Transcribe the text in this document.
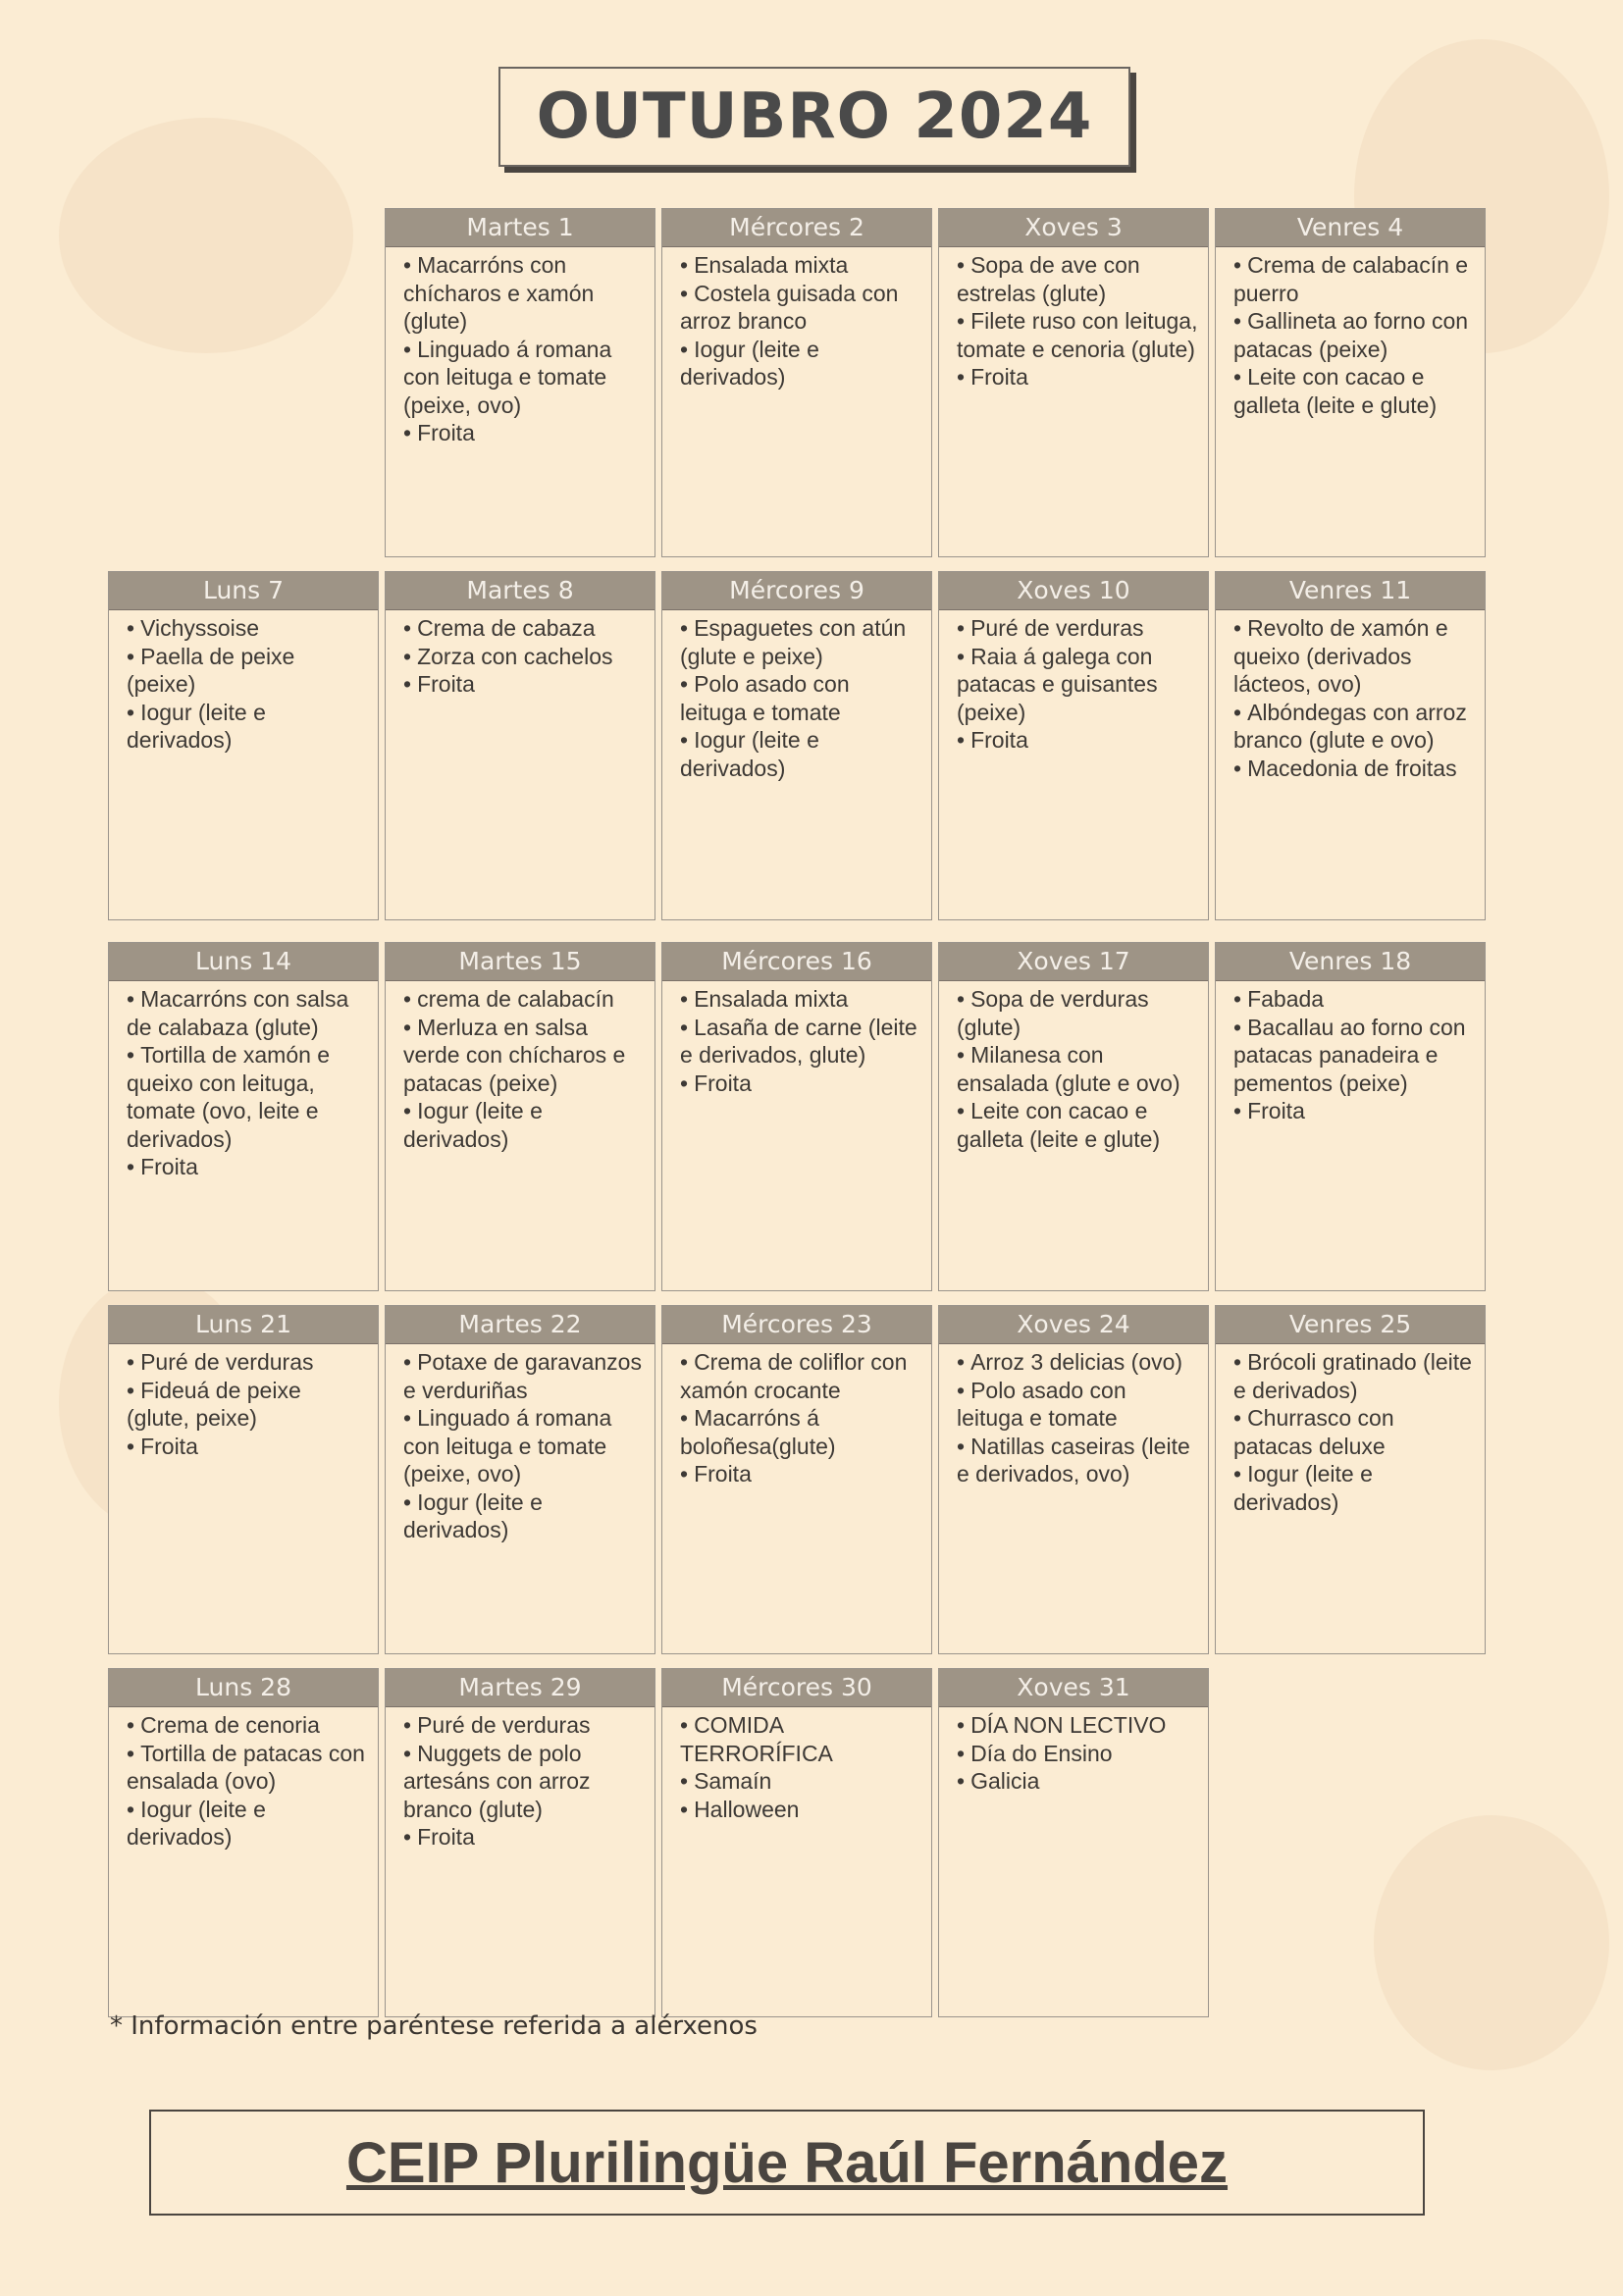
OUTUBRO 2024
Martes 1
• Macarróns con chícharos e xamón (glute)
• Linguado á romana con leituga e tomate (peixe, ovo)
• Froita
Mércores 2
• Ensalada mixta
• Costela guisada con arroz branco
• Iogur (leite e derivados)
Xoves 3
• Sopa de ave con estrelas (glute)
• Filete ruso con leituga, tomate e cenoria (glute)
• Froita
Venres 4
• Crema de calabacín e puerro
• Gallineta ao forno con patacas (peixe)
• Leite con cacao e galleta (leite e glute)
Luns 7
• Vichyssoise
• Paella de peixe (peixe)
• Iogur (leite e derivados)
Martes 8
• Crema de cabaza
• Zorza con cachelos
• Froita
Mércores 9
• Espaguetes con atún (glute e peixe)
• Polo asado con leituga e tomate
• Iogur (leite e derivados)
Xoves 10
• Puré de verduras
• Raia á galega con patacas e guisantes (peixe)
• Froita
Venres 11
• Revolto de xamón e queixo (derivados lácteos, ovo)
• Albóndegas con arroz branco (glute e ovo)
• Macedonia de froitas
Luns 14
• Macarróns con salsa de calabaza (glute)
• Tortilla de xamón e queixo con leituga, tomate (ovo, leite e derivados)
• Froita
Martes 15
• crema de calabacín
• Merluza en salsa verde con chícharos e patacas (peixe)
• Iogur (leite e derivados)
Mércores 16
• Ensalada mixta
• Lasaña de carne (leite e derivados, glute)
• Froita
Xoves 17
• Sopa de verduras (glute)
• Milanesa con ensalada (glute e ovo)
• Leite con cacao e galleta (leite e glute)
Venres 18
• Fabada
• Bacallau ao forno con patacas panadeira e pementos (peixe)
• Froita
Luns 21
• Puré de verduras
• Fideuá de peixe (glute, peixe)
• Froita
Martes 22
• Potaxe de garavanzos e verduriñas
• Linguado á romana con leituga e tomate (peixe, ovo)
• Iogur (leite e derivados)
Mércores 23
• Crema de coliflor con xamón crocante
• Macarróns á boloñesa(glute)
• Froita
Xoves 24
• Arroz 3 delicias (ovo)
• Polo asado con leituga e tomate
• Natillas caseiras (leite e derivados, ovo)
Venres 25
• Brócoli gratinado (leite e derivados)
• Churrasco con patacas deluxe
• Iogur (leite e derivados)
Luns 28
• Crema de cenoria
• Tortilla de patacas con ensalada (ovo)
• Iogur (leite e derivados)
Martes 29
• Puré de verduras
• Nuggets de polo artesáns con arroz branco (glute)
• Froita
Mércores 30
• COMIDA TERRORÍFICA
• Samaín
• Halloween
Xoves 31
• DÍA NON LECTIVO
• Día do Ensino
• Galicia
* Información entre paréntese referida a alérxenos
CEIP Plurilingüe Raúl Fernández
